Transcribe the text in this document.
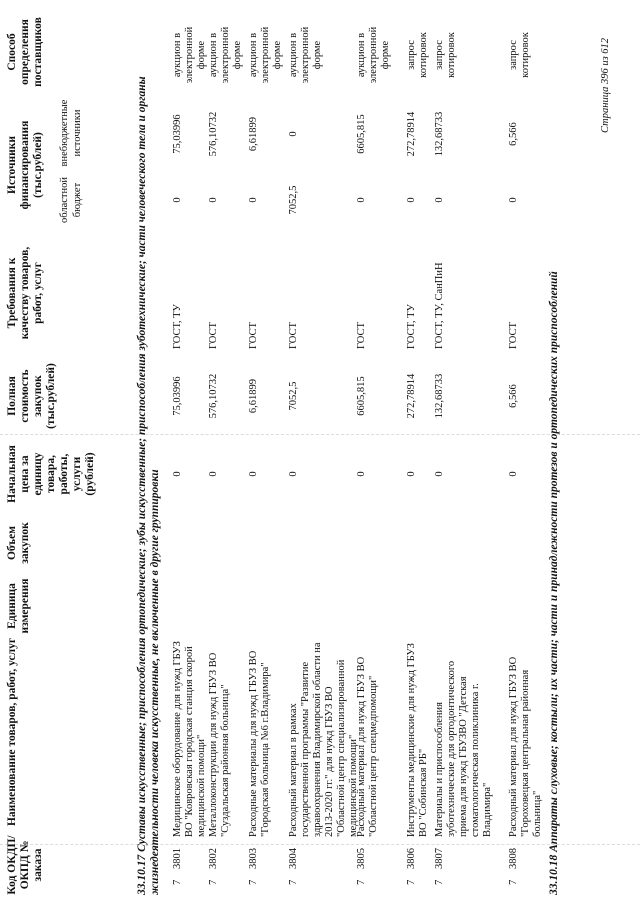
Код ОКДП/ ОКПД № заказа
Наименование товаров, работ, услуг
Единица измерения
Объем закупок
Начальная цена за единицу товара, работы, услуги (рублей)
Полная стоимость закупок (тыс.рублей)
Требования к качеству товаров, работ, услуг
Источники финансирования (тыс.рублей)
областной бюджет
внебюджетные источники
Способ определения поставщиков
33.10.17 Суставы искусственные; приспособления ортопедические; зубы искусственные; приспособления зуботехнические; части человеческого тела и органы жизнедеятельности человека искусственные, не включенные в другие группировки 7
3801
Медицинское оборудование для нужд ГБУЗ ВО "Ковровская городская станция скорой медицинской помощи"
0
75,03996
ГОСТ, ТУ
0
75,03996
аукцион в электронной форме
7
3802
Металлоконструкции для нужд ГБУЗ ВО "Суздальская районная больница"
0
576,10732
ГОСТ
0
576,10732
аукцион в электронной форме
7
3803
Расходные материалы для нужд ГБУЗ ВО "Городская больница №6 г.Владимира"
0
6,61899
ГОСТ
0
6,61899
аукцион в электронной форме
7
3804
Расходный материал в рамках государственной программы "Развитие здравоохранения Владимирской области на 2013-2020 гг." для нужд ГБУЗ ВО "Областной центр специализированной медицинской помощи"
0
7052,5
ГОСТ
7052,5
0
аукцион в электронной форме
7
3805
Расходный материал для нужд ГБУЗ ВО "Областной центр спецмедпомощи"
0
6605,815
ГОСТ
0
6605,815
аукцион в электронной форме
7
3806
Инструменты медицинские для нужд ГБУЗ ВО "Собинская РБ"
0
272,78914
ГОСТ, ТУ
0
272,78914
запрос котировок
7
3807
Материалы и приспособления зуботехнические для ортодонтического приема для нужд ГБУЗВО "Детская стоматологическая поликлиника г. Владимира"
0
132,68733
ГОСТ, ТУ, СанПиН
0
132,68733
запрос котировок
7
3808
Расходный материал для нужд ГБУЗ ВО "Гороховецкая центральная районная больница"
0
6,566
ГОСТ
0
6,566
запрос котировок
33.10.18 Аппараты слуховые; костыли; их части; части и принадлежности протезов и ортопедических приспособлений
Страница 396 из 612
